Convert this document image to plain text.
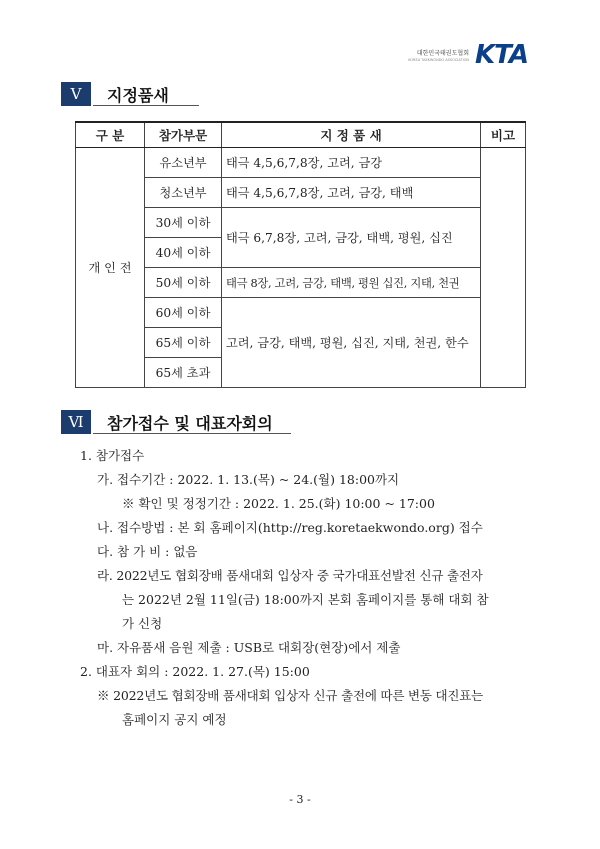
대한민국태권도협회
KOREA TAEKWONDO ASSOCIATION KTA
Ⅴ	지정품새
구 분	참가부문	지 정 품 새	비고
개 인 전	유소년부	태극 4,5,6,7,8장, 고려, 금강	
	청소년부	태극 4,5,6,7,8장, 고려, 금강, 태백	
	30세 이하	태극 6,7,8장, 고려, 금강, 태백, 평원, 십진	
	40세 이하		
	50세 이하	태극 8장, 고려, 금강, 태백, 평원 십진, 지태, 천권	
	60세 이하	고려, 금강, 태백, 평원, 십진, 지태, 천권, 한수	
	65세 이하		
	65세 초과		
Ⅵ	참가접수 및 대표자회의
1. 참가접수
가. 접수기간 : 2022. 1. 13.(목) ~ 24.(월) 18:00까지
※ 확인 및 정정기간 : 2022. 1. 25.(화) 10:00 ~ 17:00
나. 접수방법 : 본 회 홈페이지(http://reg.koretaekwondo.org) 접수
다. 참 가 비 : 없음
라. 2022년도 협회장배 품새대회 입상자 중 국가대표선발전 신규 출전자
는 2022년 2월 11일(금) 18:00까지 본회 홈페이지를 통해 대회 참
가 신청
마. 자유품새 음원 제출 : USB로 대회장(현장)에서 제출
2. 대표자 회의 : 2022. 1. 27.(목) 15:00
※ 2022년도 협회장배 품새대회 입상자 신규 출전에 따른 변동 대진표는
홈페이지 공지 예정
- 3 -
